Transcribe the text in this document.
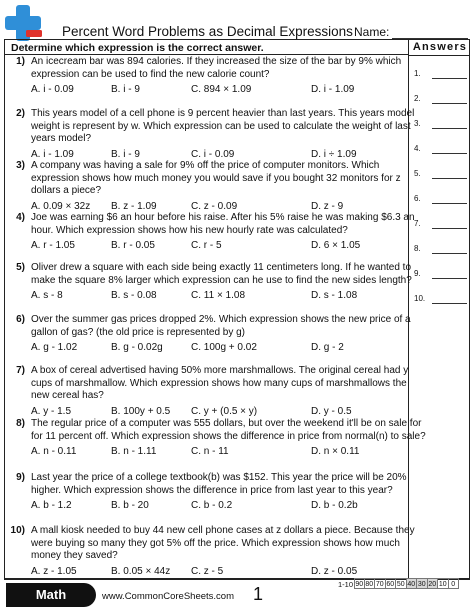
Percent Word Problems as Decimal Expressions Name:
Determine which expression is the correct answer.	Answers
1.
2.
3.
4.
5.
6.
7.
8.
9.
10.
1) An icecream bar was 894 calories. If they increased the size of the bar by 9% which
expression can be used to find the new calorie count?
A. i - 0.09	B. i - 9	C. 894 × 1.09	D. i - 1.09
2) This years model of a cell phone is 9 percent heavier than last years. This years model
weight is represent by w. Which expression can be used to calculate the weight of last
years model?
A. i - 1.09	B. i - 9	C. i - 0.09	D. i ÷ 1.09
3) A company was having a sale for 9% off the price of computer monitors. Which
expression shows how much money you would save if you bought 32 monitors for z
dollars a piece?
A. 0.09 × 32z B. z - 1.09	C. z - 0.09	D. z - 9
4) Joe was earning $6 an hour before his raise. After his 5% raise he was making $6.3 an
hour. Which expression shows how his new hourly rate was calculated?
A. r - 1.05	B. r - 0.05	C. r - 5	D. 6 × 1.05
5) Oliver drew a square with each side being exactly 11 centimeters long. If he wanted to
make the square 8% larger which expression can he use to find the new sides length?
A. s - 8	B. s - 0.08	C. 11 × 1.08	D. s - 1.08
6) Over the summer gas prices dropped 2%. Which expression shows the new price of a
gallon of gas? (the old price is represented by g)
A. g - 1.02	B. g - 0.02g	C. 100g + 0.02	D. g - 2
7) A box of cereal advertised having 50% more marshmallows. The original cereal had y
cups of marshmallow. Which expression shows how many cups of marshmallows the
new cereal has?
A. y - 1.5	B. 100y + 0.5 C. y + (0.5 × y)	D. y - 0.5
8) The regular price of a computer was 555 dollars, but over the weekend it'll be on sale for
for 11 percent off. Which expression shows the difference in price from normal(n) to sale?
A. n - 0.11	B. n - 1.11	C. n - 11	D. n × 0.11
9) Last year the price of a college textbook(b) was $152. This year the price will be 20%
higher. Which expression shows the difference in price from last year to this year?
A. b - 1.2	B. b - 20	C. b - 0.2	D. b - 0.2b
10) A mall kiosk needed to buy 44 new cell phone cases at z dollars a piece. Because they
were buying so many they got 5% off the price. Which expression shows how much
money they saved?
A. z - 1.05	B. 0.05 × 44z C. z - 5	D. z - 0.05
Math	www.CommonCoreSheets.com 1	1-10 90 80 70 60 50 40 30 20 10 0
